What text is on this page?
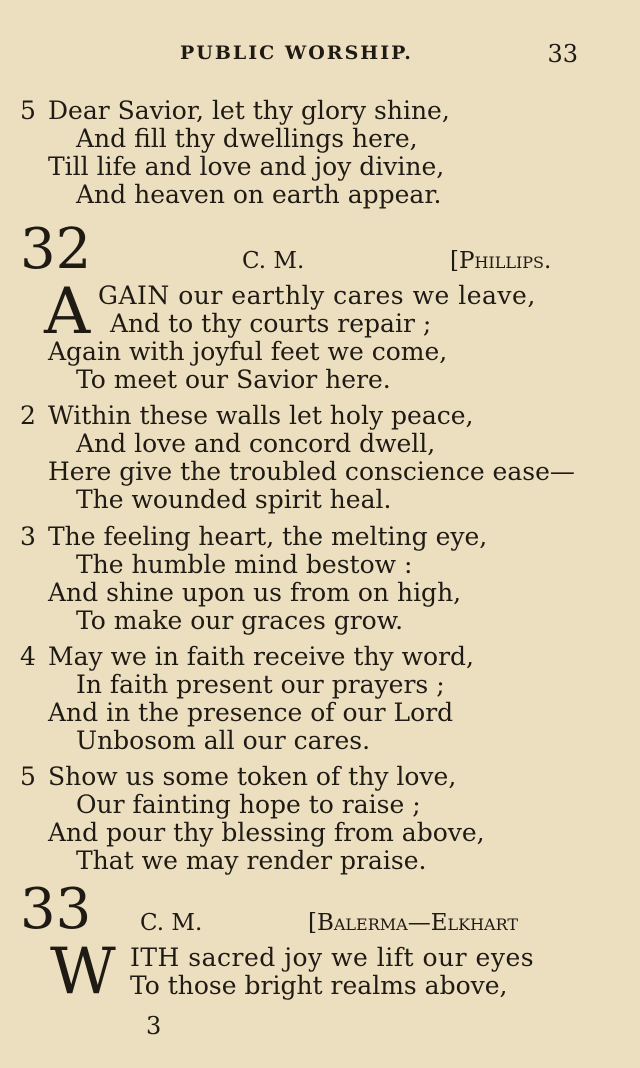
PUBLIC WORSHIP.	33
5 Dear Savior, let thy glory shine,
And fill thy dwellings here,
Till life and love and joy divine,
And heaven on earth appear.
32	C. M.	[Phillips.
A GAIN our earthly cares we leave,
And to thy courts repair ;
Again with joyful feet we come,
To meet our Savior here.
2 Within these walls let holy peace,
And love and concord dwell,
Here give the troubled conscience ease—
The wounded spirit heal.
3 The feeling heart, the melting eye,
The humble mind bestow :
And shine upon us from on high,
To make our graces grow.
4 May we in faith receive thy word,
In faith present our prayers ;
And in the presence of our Lord
Unbosom all our cares.
5 Show us some token of thy love,
Our fainting hope to raise ;
And pour thy blessing from above,
That we may render praise.
33 C. M.	[Balerma—Elkhart
W ITH sacred joy we lift our eyes
To those bright realms above,
3
